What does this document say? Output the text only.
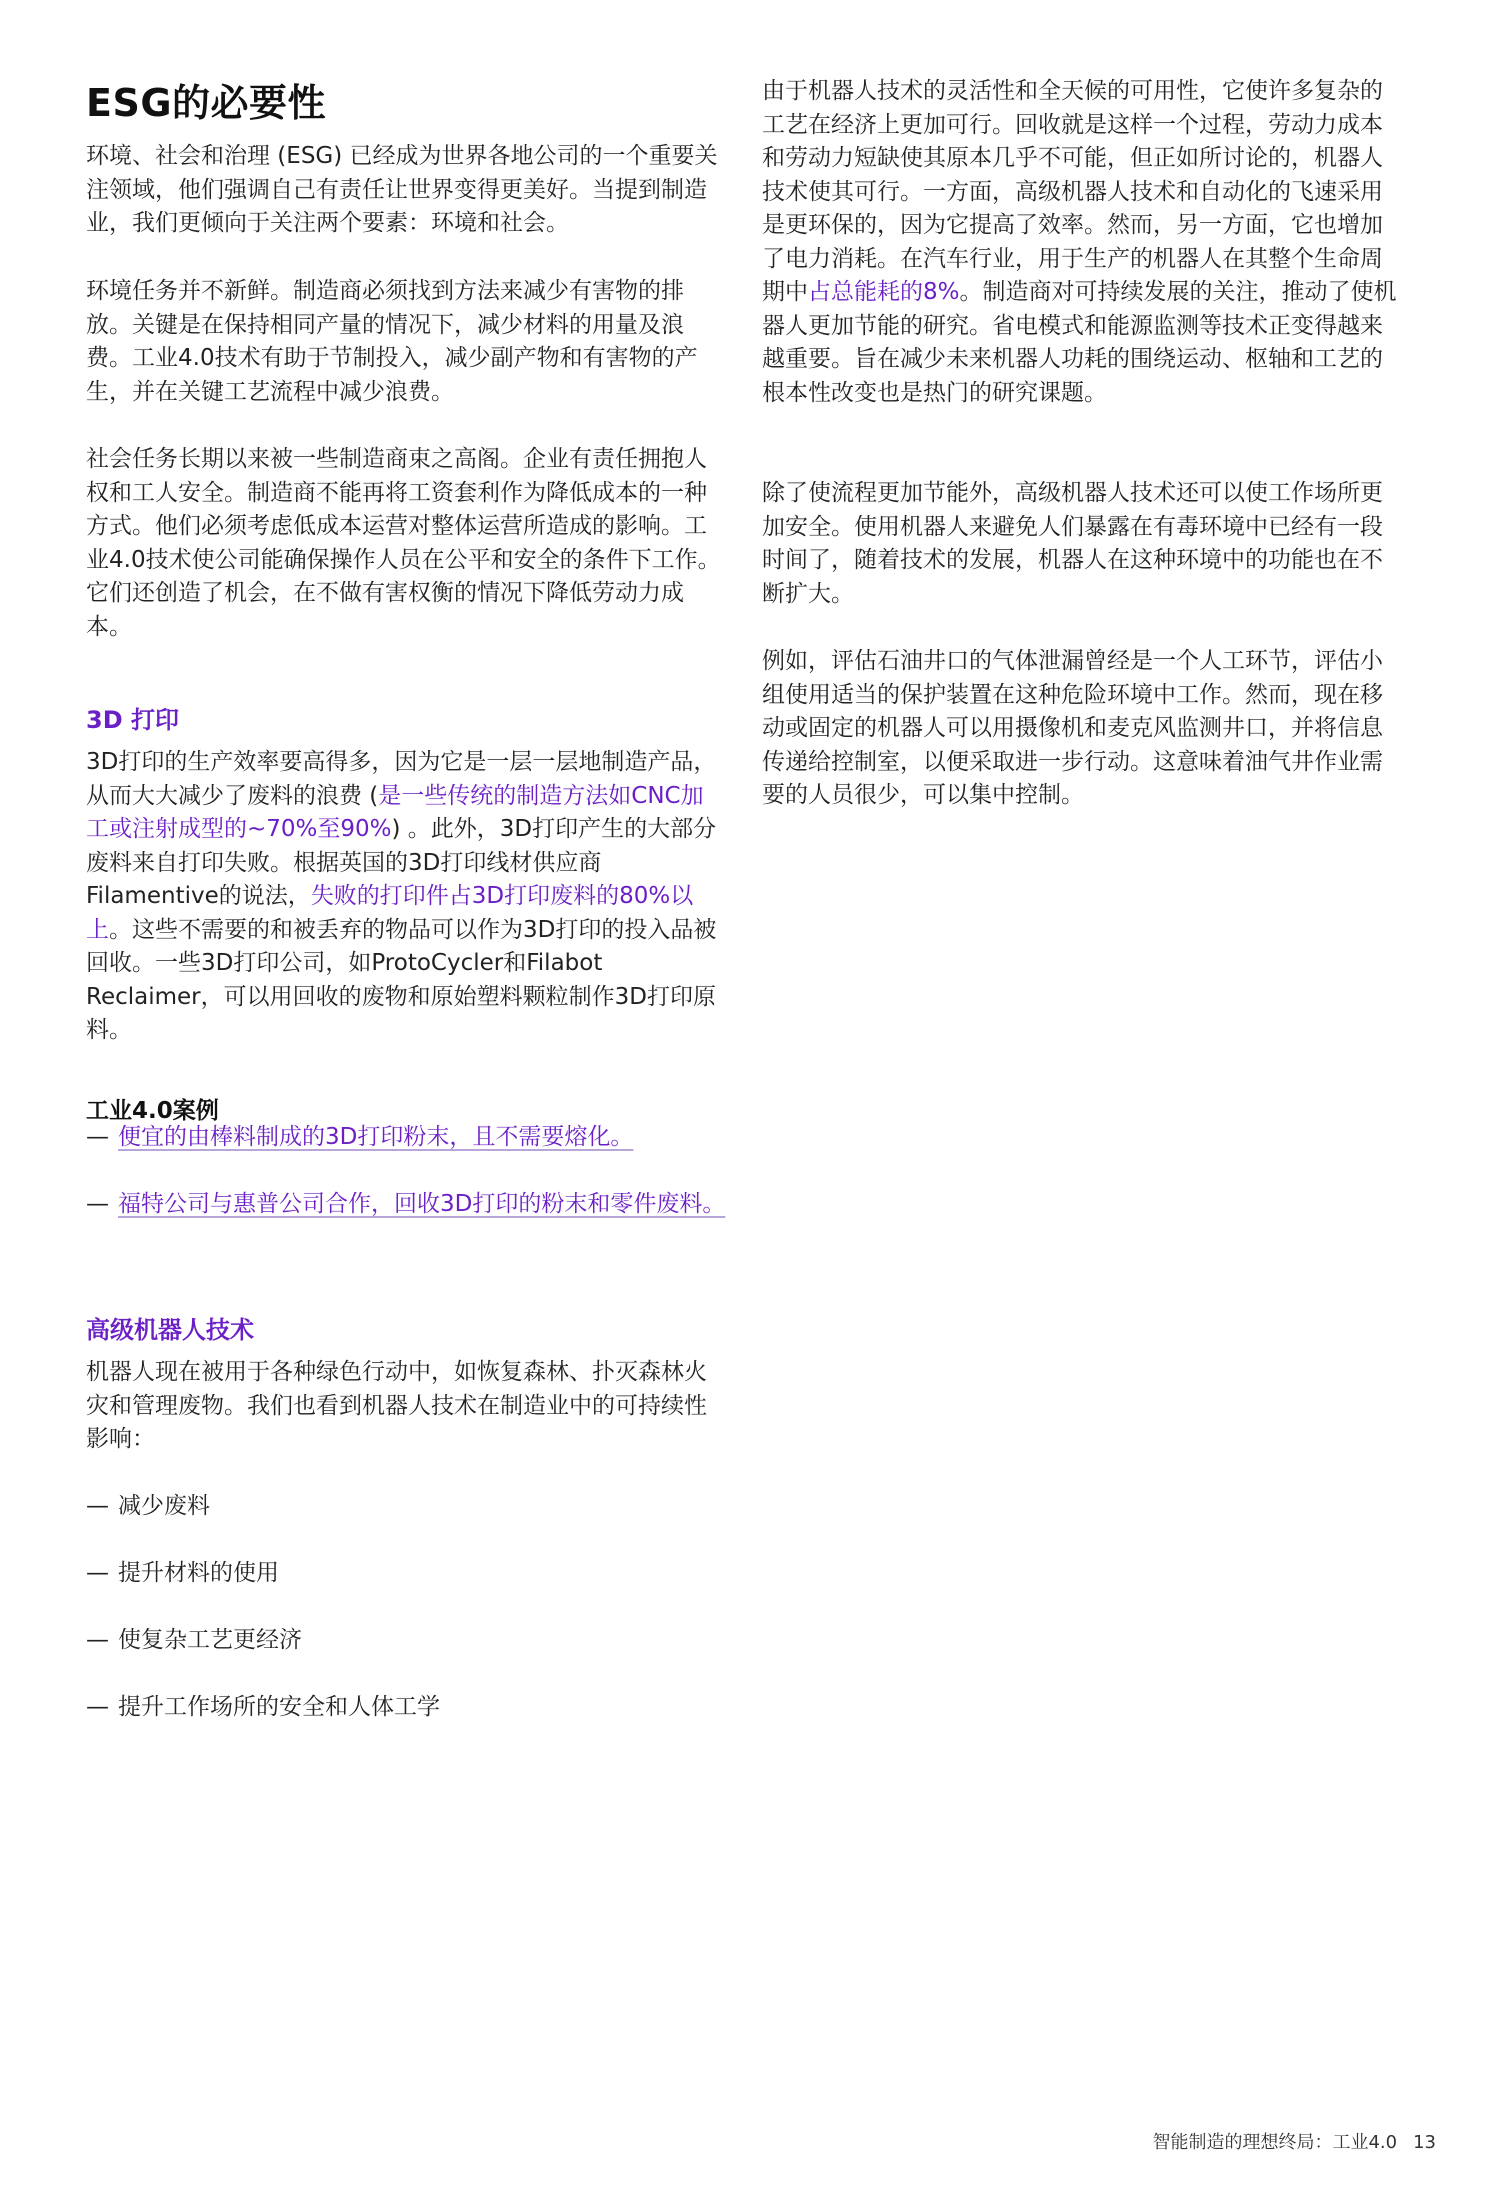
ESG的必要性

环境、社会和治理 (ESG) 已经成为世界各地公司的一个重要关注领域，他们强调自己有责任让世界变得更美好。当提到制造业，我们更倾向于关注两个要素：环境和社会。

环境任务并不新鲜。制造商必须找到方法来减少有害物的排放。关键是在保持相同产量的情况下，减少材料的用量及浪费。工业4.0技术有助于节制投入，减少副产物和有害物的产生，并在关键工艺流程中减少浪费。

社会任务长期以来被一些制造商束之高阁。企业有责任拥抱人权和工人安全。制造商不能再将工资套利作为降低成本的一种方式。他们必须考虑低成本运营对整体运营所造成的影响。工业4.0技术使公司能确保操作人员在公平和安全的条件下工作。它们还创造了机会，在不做有害权衡的情况下降低劳动力成本。

3D 打印

3D打印的生产效率要高得多，因为它是一层一层地制造产品，从而大大减少了废料的浪费 (是一些传统的制造方法如CNC加工或注射成型的~70%至90%) 。此外，3D打印产生的大部分废料来自打印失败。根据英国的3D打印线材供应商Filamentive的说法，失败的打印件占3D打印废料的80%以上。这些不需要的和被丢弃的物品可以作为3D打印的投入品被回收。一些3D打印公司，如ProtoCycler和Filabot Reclaimer，可以用回收的废物和原始塑料颗粒制作3D打印原料。

工业4.0案例

— 便宜的由棒料制成的3D打印粉末，且不需要熔化。

— 福特公司与惠普公司合作，回收3D打印的粉末和零件废料。

高级机器人技术

机器人现在被用于各种绿色行动中，如恢复森林、扑灭森林火灾和管理废物。我们也看到机器人技术在制造业中的可持续性影响：

— 减少废料

— 提升材料的使用

— 使复杂工艺更经济

— 提升工作场所的安全和人体工学

由于机器人技术的灵活性和全天候的可用性，它使许多复杂的工艺在经济上更加可行。回收就是这样一个过程，劳动力成本和劳动力短缺使其原本几乎不可能，但正如所讨论的，机器人技术使其可行。一方面，高级机器人技术和自动化的飞速采用是更环保的，因为它提高了效率。然而，另一方面，它也增加了电力消耗。在汽车行业，用于生产的机器人在其整个生命周期中占总能耗的8%。制造商对可持续发展的关注，推动了使机器人更加节能的研究。省电模式和能源监测等技术正变得越来越重要。旨在减少未来机器人功耗的围绕运动、枢轴和工艺的根本性改变也是热门的研究课题。

除了使流程更加节能外，高级机器人技术还可以使工作场所更加安全。使用机器人来避免人们暴露在有毒环境中已经有一段时间了，随着技术的发展，机器人在这种环境中的功能也在不断扩大。

例如，评估石油井口的气体泄漏曾经是一个人工环节，评估小组使用适当的保护装置在这种危险环境中工作。然而，现在移动或固定的机器人可以用摄像机和麦克风监测井口，并将信息传递给控制室，以便采取进一步行动。这意味着油气井作业需要的人员很少，可以集中控制。

智能制造的理想终局：工业4.0 13
